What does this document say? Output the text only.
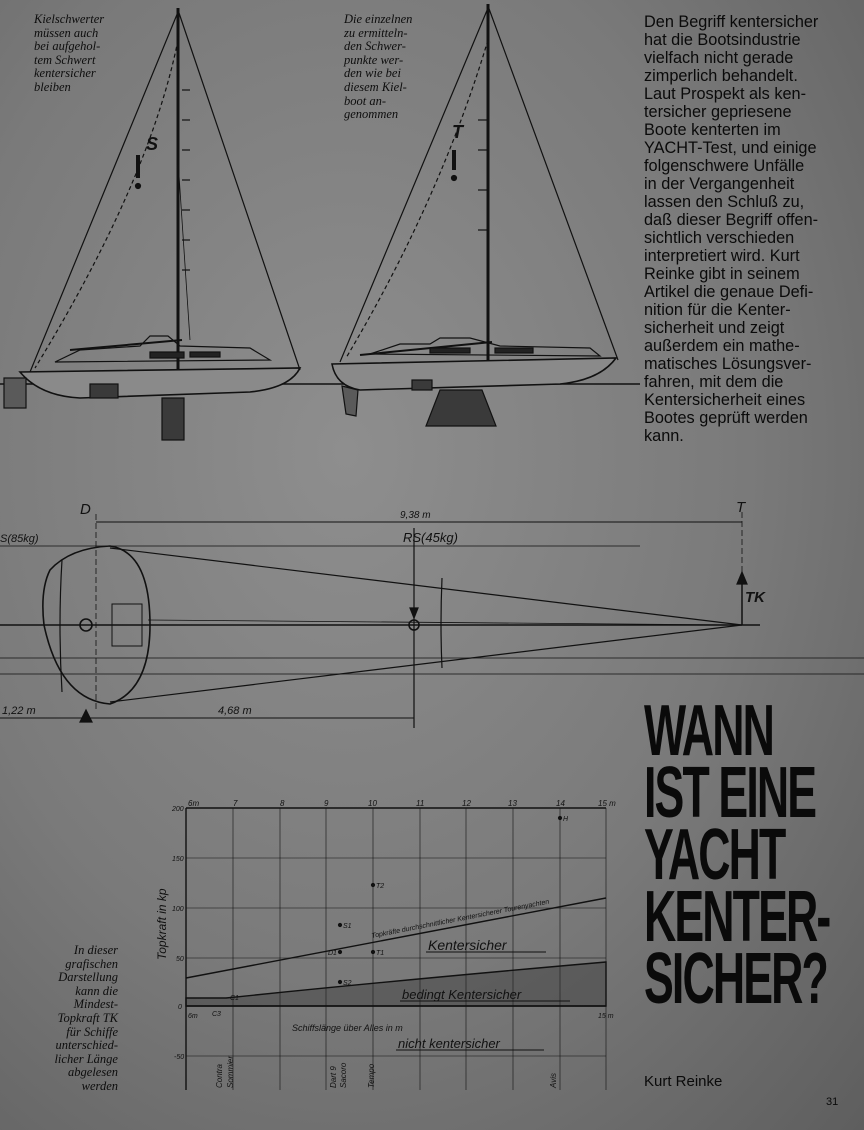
S
T
D	T
TK
9,38 m
RS(45kg)
S(85kg)
1,22 m	4,68 m
Topkraft in kp
200
150
100
50
0
-50
6m	7	8	9	10	11	12	13	14	15 m
6m	15 m
Schiffslänge über Alles in m
Topkräfte durchschnittlicher Kentersicherer Tourenyachten
Kentersicher
bedingt Kentersicher
nicht kentersicher
T2
S1
D1	T1
S2
C1
C3
H
Contra Sommier	Dart 9 Sacoro Tempo	Avis
Kielschwerter
müssen auch
bei aufgehol-
tem Schwert
kentersicher
bleiben
Die einzelnen
zu ermitteln-
den Schwer-
punkte wer-
den wie bei
diesem Kiel-
boot an-
genommen
In dieser
grafischen
Darstellung
kann die
Mindest-
Topkraft TK
für Schiffe
unterschied-
licher Länge
abgelesen
werden
Den Begriff kentersicher
hat die Bootsindustrie
vielfach nicht gerade
zimperlich behandelt.
Laut Prospekt als ken-
tersicher gepriesene
Boote kenterten im
YACHT-Test, und einige
folgenschwere Unfälle
in der Vergangenheit
lassen den Schluß zu,
daß dieser Begriff offen-
sichtlich verschieden
interpretiert wird. Kurt
Reinke gibt in seinem
Artikel die genaue Defi-
nition für die Kenter-
sicherheit und zeigt
außerdem ein mathe-
matisches Lösungsver-
fahren, mit dem die
Kentersicherheit eines
Bootes geprüft werden
kann.
WANN
IST EINE
YACHT
KENTER-
SICHER?
Kurt Reinke
31
